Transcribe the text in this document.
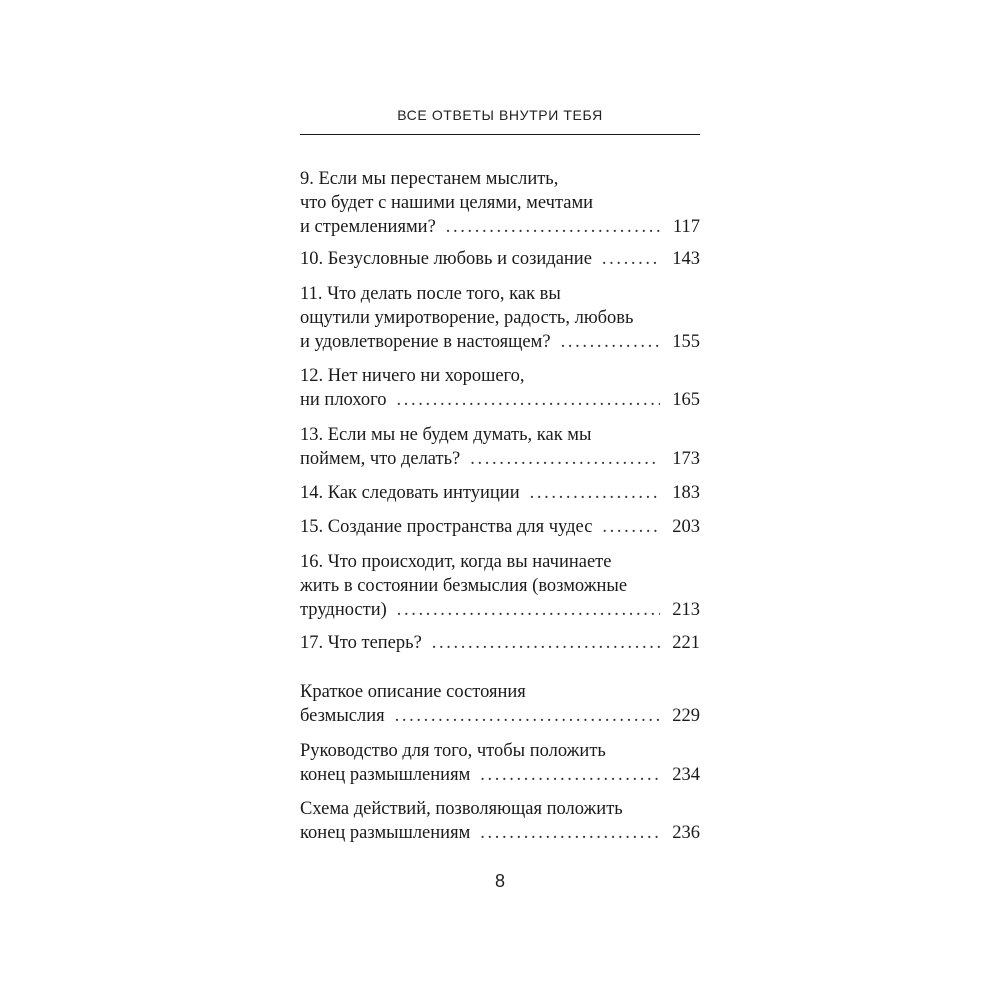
ВСЕ ОТВЕТЫ ВНУТРИ ТЕБЯ
9. Если мы перестанем мыслить,
что будет с нашими целями, мечтами
и стремлениями? . . .	117
10. Безусловные любовь и созидание . . .	143
11. Что делать после того, как вы
ощутили умиротворение, радость, любовь
и удовлетворение в настоящем? . . .	155
12. Нет ничего ни хорошего,
ни плохого . . .	165
13. Если мы не будем думать, как мы
поймем, что делать? . . .	173
14. Как следовать интуиции . . .	183
15. Создание пространства для чудес . . .	203
16. Что происходит, когда вы начинаете
жить в состоянии безмыслия (возможные
трудности) . . .	213
17. Что теперь? . . .	221
Краткое описание состояния
безмыслия . . .	229
Руководство для того, чтобы положить
конец размышлениям . . .	234
Схема действий, позволяющая положить
конец размышлениям . . .	236
8
